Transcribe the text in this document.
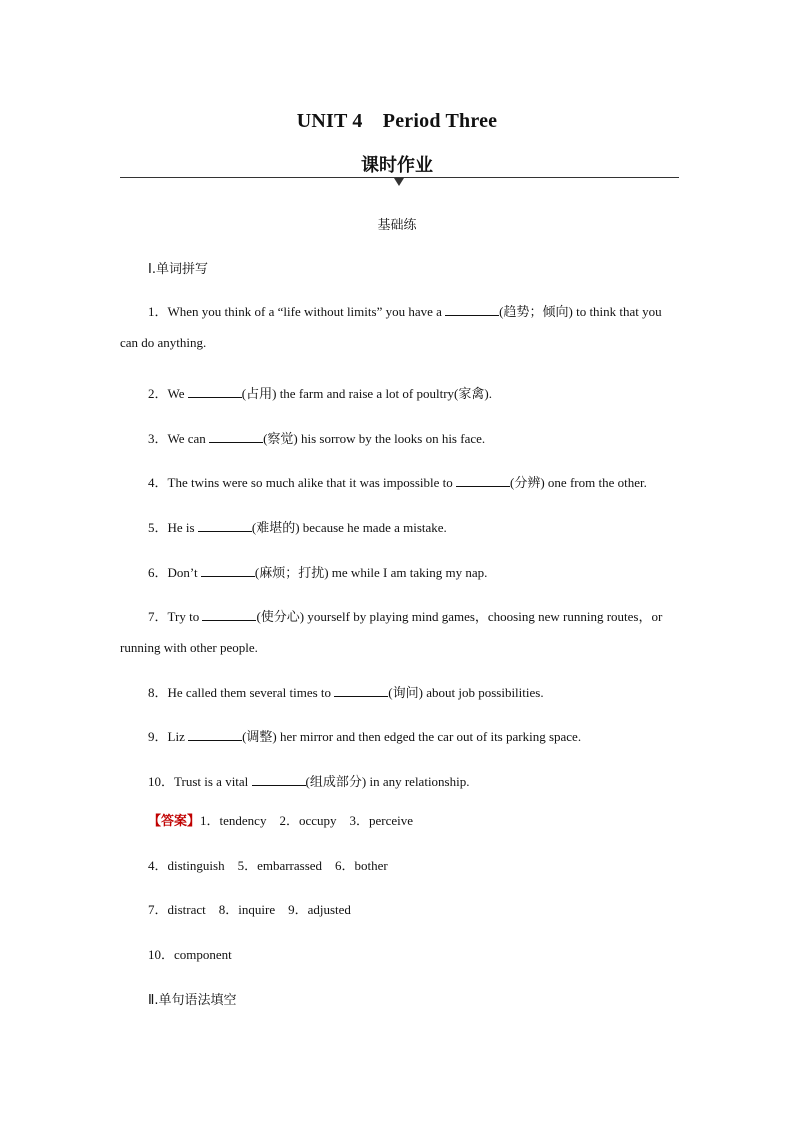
UNIT 4　Period Three
课时作业
基础练
Ⅰ.单词拼写
1．When you think of a “life without limits” you have a	(趋势；倾向) to think that you can do anything.
2．We	(占用) the farm and raise a lot of poultry(家禽).
3．We can	(察觉) his sorrow by the looks on his face.
4．The twins were so much alike that it was impossible to	(分辨) one from the other.
5．He is	(难堪的) because he made a mistake.
6．Don’t	(麻烦；打扰) me while I am taking my nap.
7．Try to	(使分心) yourself by playing mind games，choosing new running routes，or running with other people.
8．He called them several times to	(询问) about job possibilities.
9．Liz	(调整) her mirror and then edged the car out of its parking space.
10．Trust is a vital	(组成部分) in any relationship.
【答案】1．tendency　2．occupy　3．perceive
4．distinguish　5．embarrassed　6．bother
7．distract　8．inquire　9．adjusted
10．component
Ⅱ.单句语法填空
